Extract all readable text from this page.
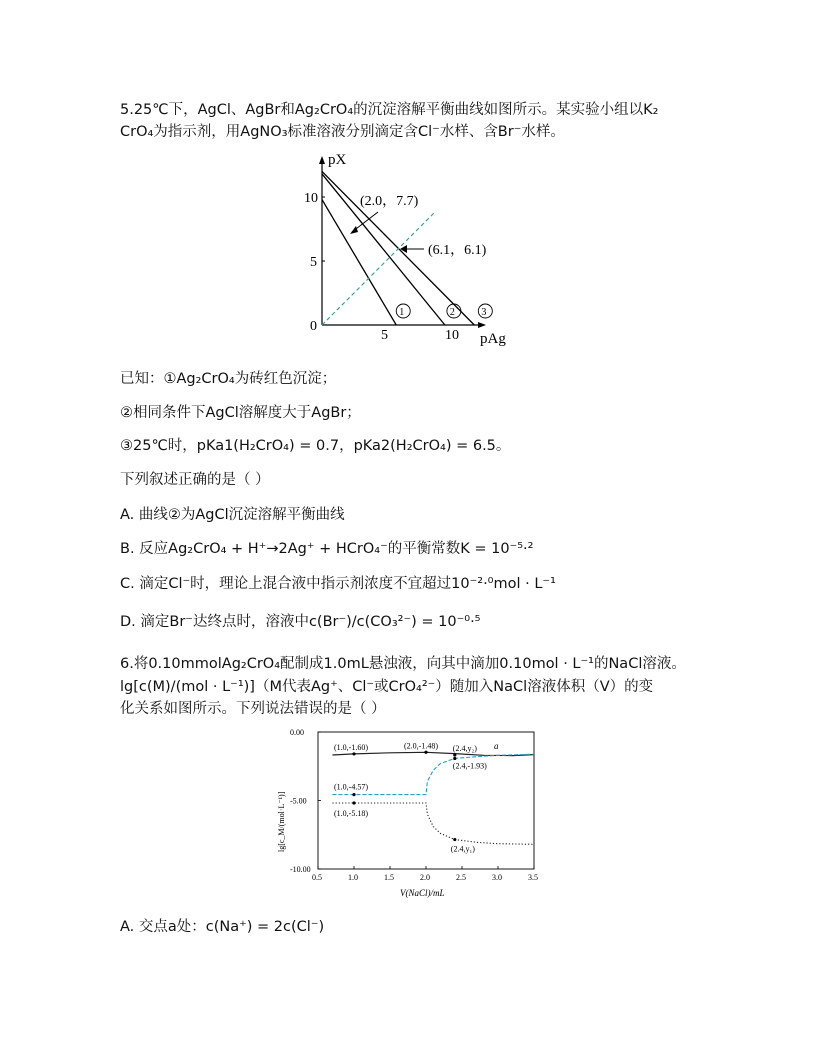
5.25℃下，AgCl、AgBr和Ag₂CrO₄的沉淀溶解平衡曲线如图所示。某实验小组以K₂
CrO₄为指示剂，用AgNO₃标准溶液分别滴定含Cl⁻水样、含Br⁻水样。
5	10
0
5
10
1	2	3
pX
pAg
(2.0，7.7)
(6.1，6.1)
已知：①Ag₂CrO₄为砖红色沉淀；
②相同条件下AgCl溶解度大于AgBr；
③25℃时，pKa1(H₂CrO₄) = 0.7，pKa2(H₂CrO₄) = 6.5。
下列叙述正确的是（ ）
A. 曲线②为AgCl沉淀溶解平衡曲线
B. 反应Ag₂CrO₄ + H⁺→2Ag⁺ + HCrO₄⁻的平衡常数K = 10⁻⁵·²
C. 滴定Cl⁻时，理论上混合液中指示剂浓度不宜超过10⁻²·⁰mol · L⁻¹
D. 滴定Br⁻达终点时，溶液中c(Br⁻)/c(CO₃²⁻) = 10⁻⁰·⁵
6.将0.10mmolAg₂CrO₄配制成1.0mL悬浊液，向其中滴加0.10mol · L⁻¹的NaCl溶液。
lg[c(M)/(mol · L⁻¹)]（M代表Ag⁺、Cl⁻或CrO₄²⁻）随加入NaCl溶液体积（V）的变
化关系如图所示。下列说法错误的是（ ）
0.5	1.0	1.5	2.0	2.5	3.0	3.5
0.00
-5.00
-10.00
(1.0,-1.60)	(2.0,-1.48) (2.4,y₂)
(2.4,-1.93)
(1.0,-4.57)
(1.0,-5.18)
(2.4,y₁)
V(NaCl)/mL
lg[c_M/(mol·L⁻¹)]
a
A. 交点a处：c(Na⁺) = 2c(Cl⁻)
